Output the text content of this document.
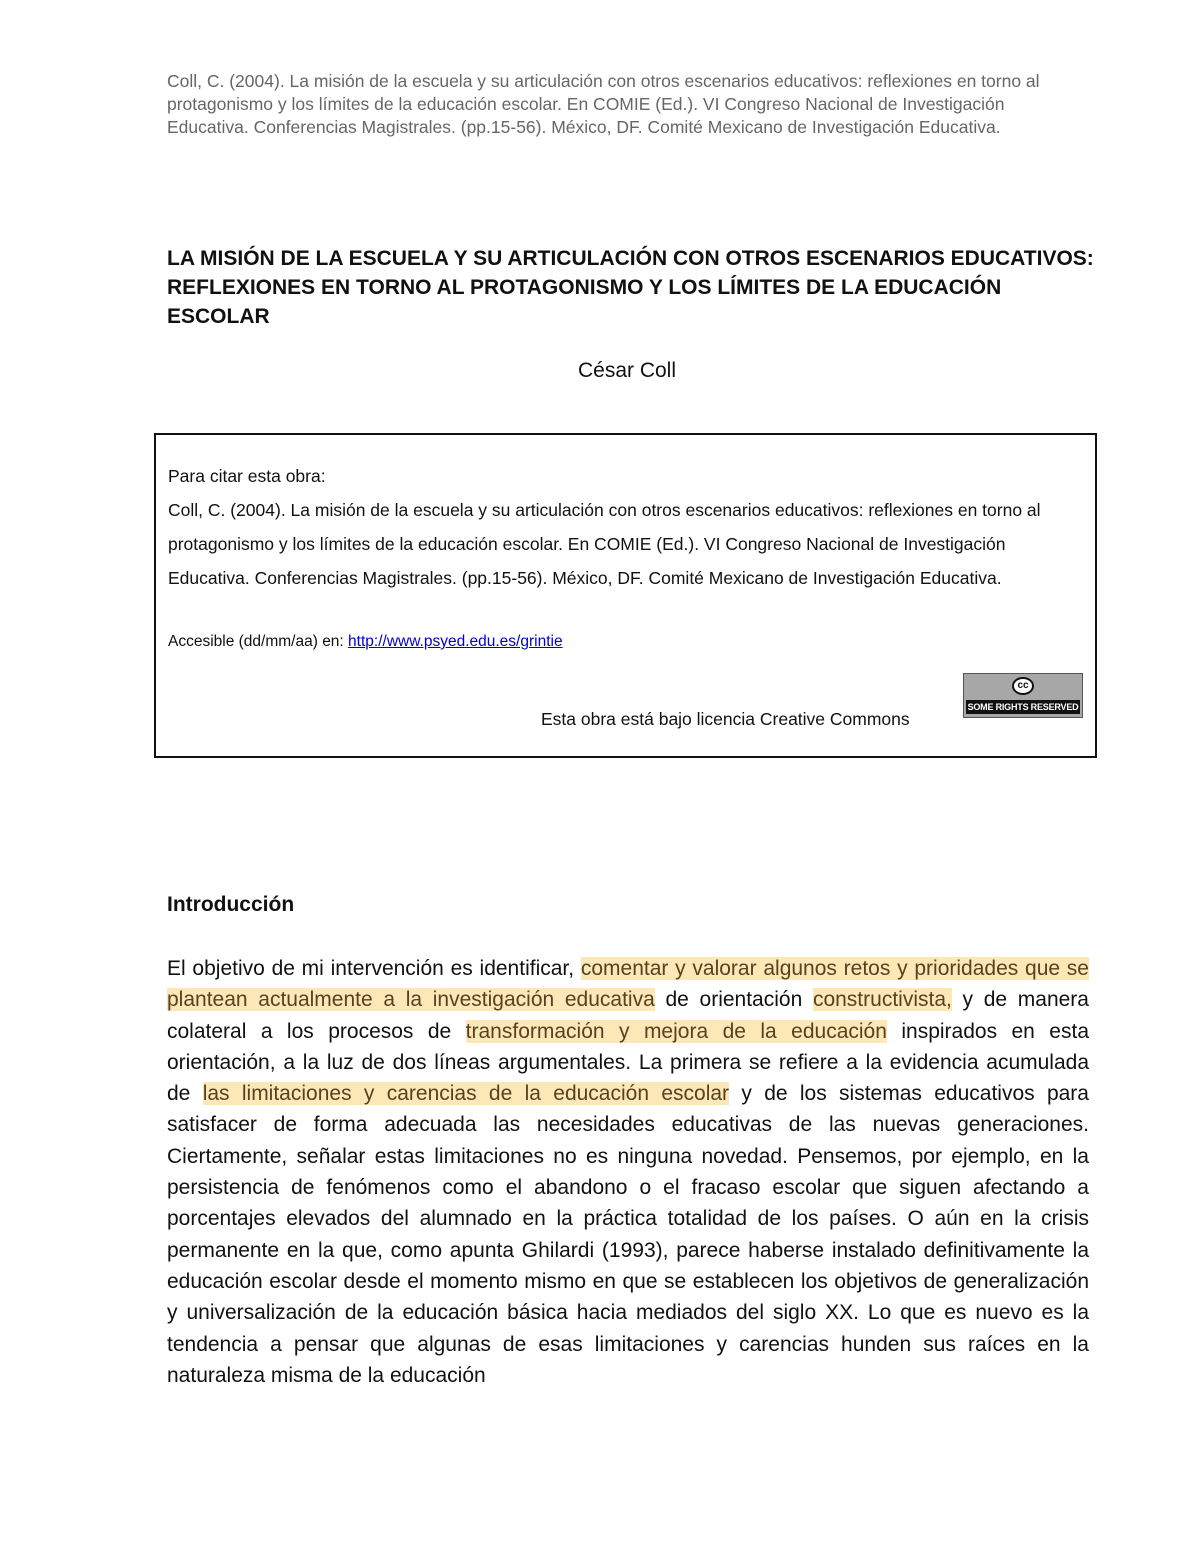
Coll, C. (2004). La misión de la escuela y su articulación con otros escenarios educativos: reflexiones en torno al protagonismo y los límites de la educación escolar. En COMIE (Ed.). VI Congreso Nacional de Investigación Educativa. Conferencias Magistrales. (pp.15-56). México, DF. Comité Mexicano de Investigación Educativa.
LA MISIÓN DE LA ESCUELA Y SU ARTICULACIÓN CON OTROS ESCENARIOS EDUCATIVOS: REFLEXIONES EN TORNO AL PROTAGONISMO Y LOS LÍMITES DE LA EDUCACIÓN ESCOLAR
César Coll
Para citar esta obra:
Coll, C. (2004). La misión de la escuela y su articulación con otros escenarios educativos: reflexiones en torno al protagonismo y los límites de la educación escolar. En COMIE (Ed.). VI Congreso Nacional de Investigación Educativa. Conferencias Magistrales. (pp.15-56). México, DF. Comité Mexicano de Investigación Educativa.
Accesible (dd/mm/aa) en: http://www.psyed.edu.es/grintie
Esta obra está bajo licencia Creative Commons
cc
SOME RIGHTS RESERVED
Introducción

El objetivo de mi intervención es identificar, comentar y valorar algunos retos y prioridades que se plantean actualmente a la investigación educativa de orientación constructivista, y de manera colateral a los procesos de transformación y mejora de la educación inspirados en esta orientación, a la luz de dos líneas argumentales. La primera se refiere a la evidencia acumulada de las limitaciones y carencias de la educación escolar y de los sistemas educativos para satisfacer de forma adecuada las necesidades educativas de las nuevas generaciones. Ciertamente, señalar estas limitaciones no es ninguna novedad. Pensemos, por ejemplo, en la persistencia de fenómenos como el abandono o el fracaso escolar que siguen afectando a porcentajes elevados del alumnado en la práctica totalidad de los países. O aún en la crisis permanente en la que, como apunta Ghilardi (1993), parece haberse instalado definitivamente la educación escolar desde el momento mismo en que se establecen los objetivos de generalización y universalización de la educación básica hacia mediados del siglo XX. Lo que es nuevo es la tendencia a pensar que algunas de esas limitaciones y carencias hunden sus raíces en la naturaleza misma de la educación
